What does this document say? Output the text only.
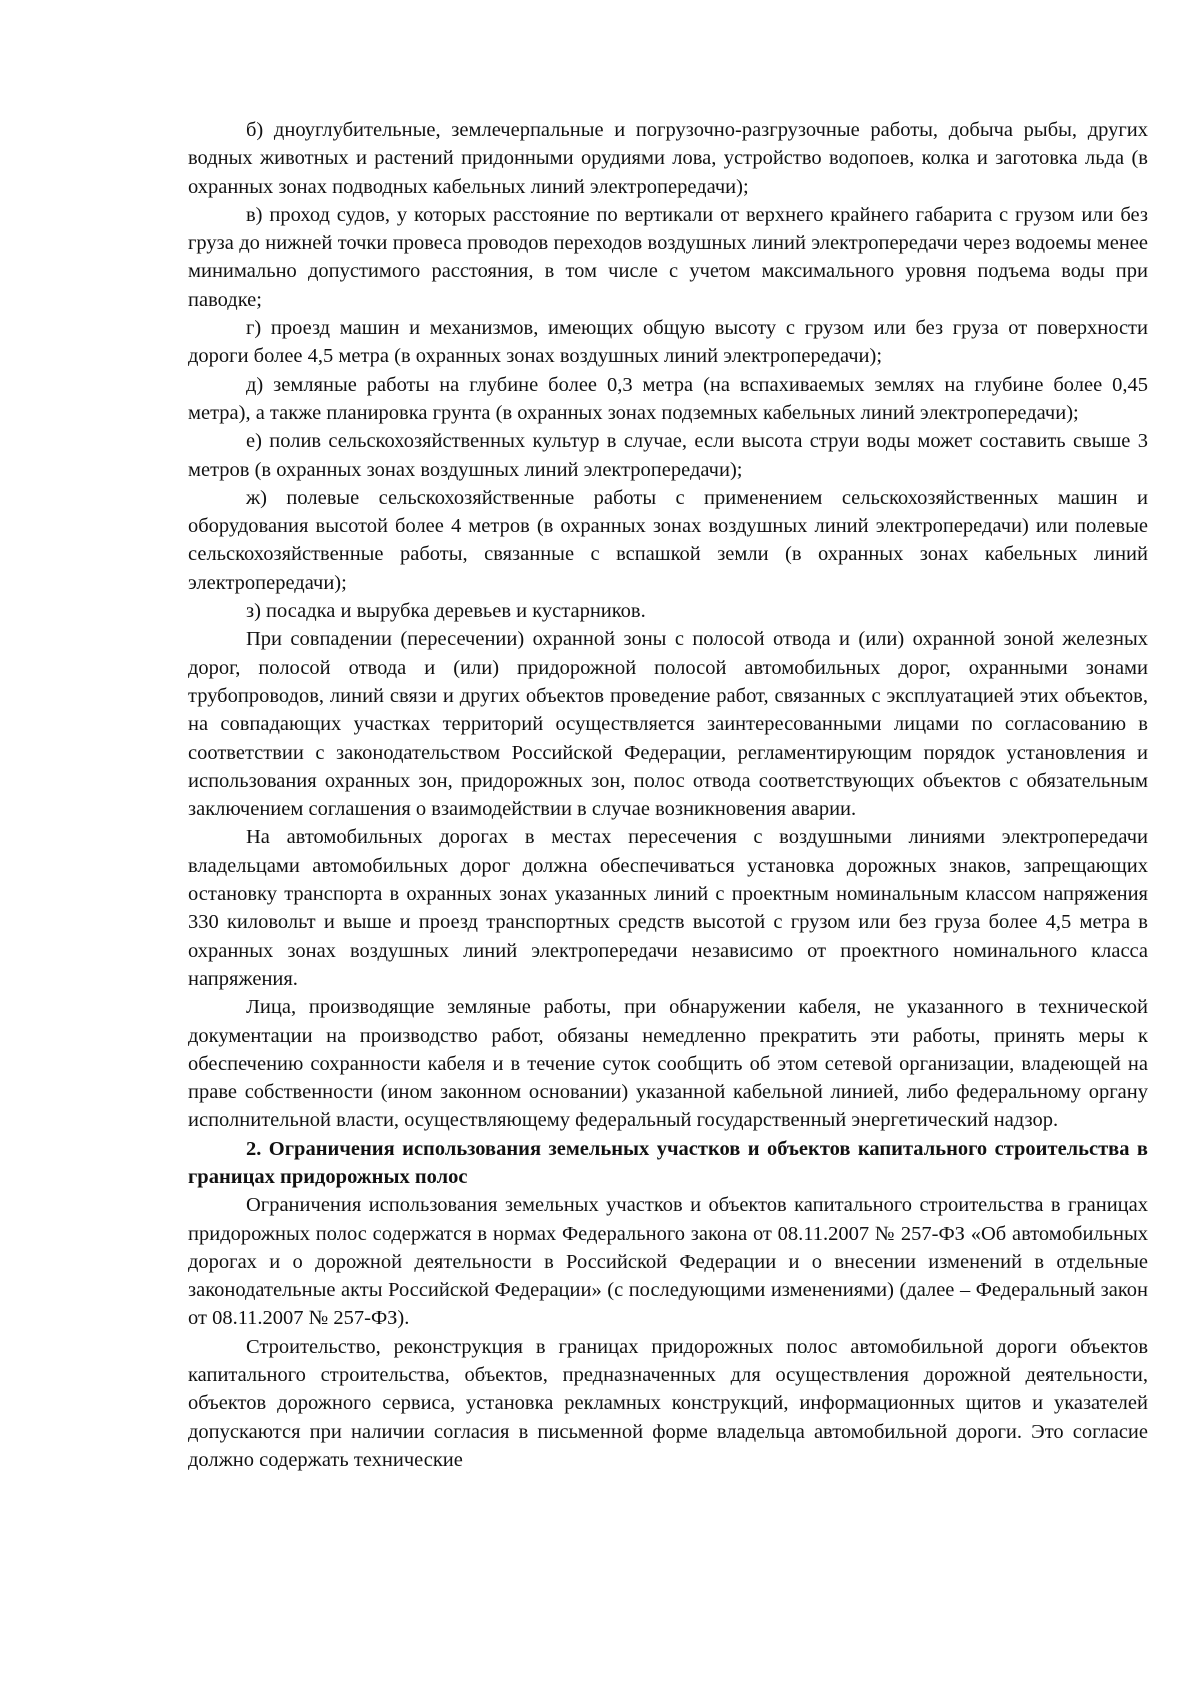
б) дноуглубительные, землечерпальные и погрузочно-разгрузочные работы, добыча рыбы, других водных животных и растений придонными орудиями лова, устройство водопоев, колка и заготовка льда (в охранных зонах подводных кабельных линий электропередачи);

в) проход судов, у которых расстояние по вертикали от верхнего крайнего габарита с грузом или без груза до нижней точки провеса проводов переходов воздушных линий электропередачи через водоемы менее минимально допустимого расстояния, в том числе с учетом максимального уровня подъема воды при паводке;

г) проезд машин и механизмов, имеющих общую высоту с грузом или без груза от поверхности дороги более 4,5 метра (в охранных зонах воздушных линий электропередачи);

д) земляные работы на глубине более 0,3 метра (на вспахиваемых землях на глубине более 0,45 метра), а также планировка грунта (в охранных зонах подземных кабельных линий электропередачи);

е) полив сельскохозяйственных культур в случае, если высота струи воды может составить свыше 3 метров (в охранных зонах воздушных линий электропередачи);

ж) полевые сельскохозяйственные работы с применением сельскохозяйственных машин и оборудования высотой более 4 метров (в охранных зонах воздушных линий электропередачи) или полевые сельскохозяйственные работы, связанные с вспашкой земли (в охранных зонах кабельных линий электропередачи);

з) посадка и вырубка деревьев и кустарников.

При совпадении (пересечении) охранной зоны с полосой отвода и (или) охранной зоной железных дорог, полосой отвода и (или) придорожной полосой автомобильных дорог, охранными зонами трубопроводов, линий связи и других объектов проведение работ, связанных с эксплуатацией этих объектов, на совпадающих участках территорий осуществляется заинтересованными лицами по согласованию в соответствии с законодательством Российской Федерации, регламентирующим порядок установления и использования охранных зон, придорожных зон, полос отвода соответствующих объектов с обязательным заключением соглашения о взаимодействии в случае возникновения аварии.

На автомобильных дорогах в местах пересечения с воздушными линиями электропередачи владельцами автомобильных дорог должна обеспечиваться установка дорожных знаков, запрещающих остановку транспорта в охранных зонах указанных линий с проектным номинальным классом напряжения 330 киловольт и выше и проезд транспортных средств высотой с грузом или без груза более 4,5 метра в охранных зонах воздушных линий электропередачи независимо от проектного номинального класса напряжения.

Лица, производящие земляные работы, при обнаружении кабеля, не указанного в технической документации на производство работ, обязаны немедленно прекратить эти работы, принять меры к обеспечению сохранности кабеля и в течение суток сообщить об этом сетевой организации, владеющей на праве собственности (ином законном основании) указанной кабельной линией, либо федеральному органу исполнительной власти, осуществляющему федеральный государственный энергетический надзор.

2. Ограничения использования земельных участков и объектов капитального строительства в границах придорожных полос

Ограничения использования земельных участков и объектов капитального строительства в границах придорожных полос содержатся в нормах Федерального закона от 08.11.2007 № 257-ФЗ «Об автомобильных дорогах и о дорожной деятельности в Российской Федерации и о внесении изменений в отдельные законодательные акты Российской Федерации» (с последующими изменениями) (далее – Федеральный закон от 08.11.2007 № 257-ФЗ).

Строительство, реконструкция в границах придорожных полос автомобильной дороги объектов капитального строительства, объектов, предназначенных для осуществления дорожной деятельности, объектов дорожного сервиса, установка рекламных конструкций, информационных щитов и указателей допускаются при наличии согласия в письменной форме владельца автомобильной дороги. Это согласие должно содержать технические
